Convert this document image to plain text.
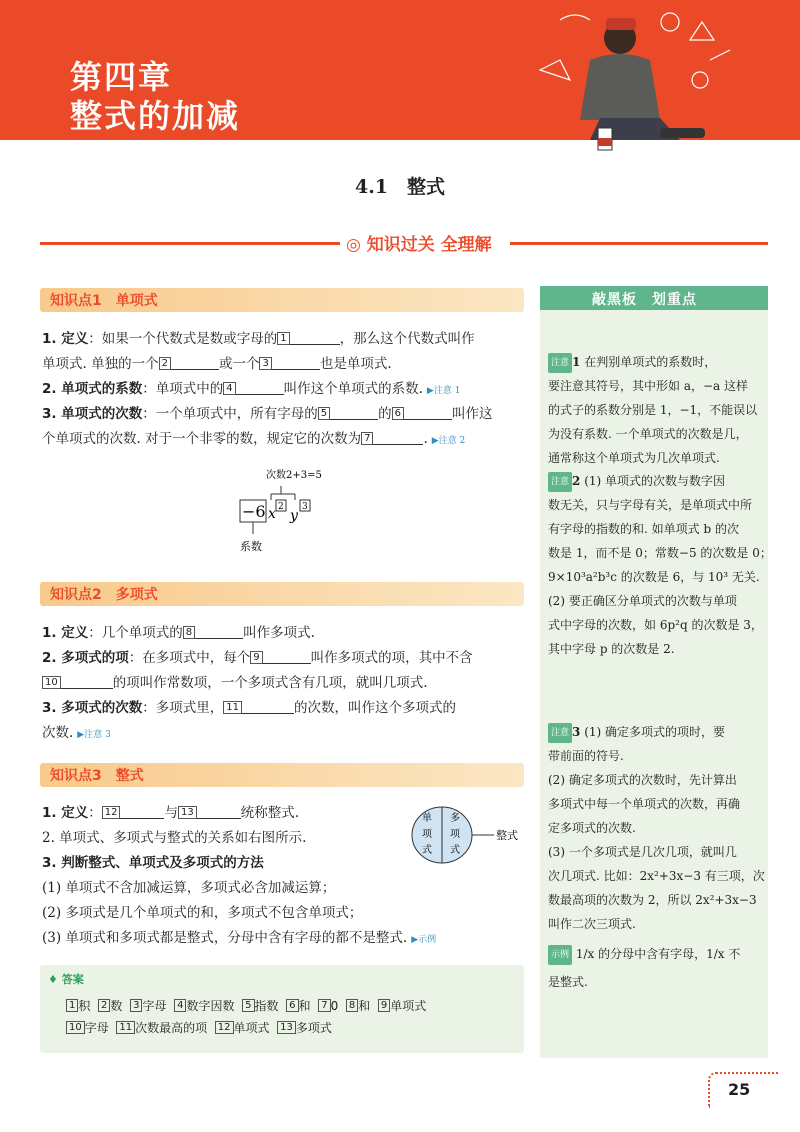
第四章
整式的加减
4.1　整式
◎ 知识过关 全理解
知识点1　单项式
1. 定义：如果一个代数式是数或字母的 1	，那么这个代数式叫作
单项式. 单独的一个 2	或一个 3	也是单项式.
2. 单项式的系数：单项式中的 4	叫作这个单项式的系数. ▶注意 1
3. 单项式的次数：一个单项式中，所有字母的 5	的 6	叫作这
个单项式的次数. 对于一个非零的数，规定它的次数为 7	. ▶注意 2
次数2+3=5
−6 x 2
y
3
系数
知识点2　多项式
1. 定义：几个单项式的 8	叫作多项式.
2. 多项式的项：在多项式中，每个 9	叫作多项式的项，其中不含
10	的项叫作常数项，一个多项式含有几项，就叫几项式.
3. 多项式的次数：多项式里， 11	的次数，叫作这个多项式的
次数. ▶注意 3
知识点3　整式
1. 定义： 12	与 13	统称整式.
2. 单项式、多项式与整式的关系如右图所示.
3. 判断整式、单项式及多项式的方法
(1) 单项式不含加减运算，多项式必含加减运算；
(2) 多项式是几个单项式的和，多项式不包含单项式；
(3) 单项式和多项式都是整式，分母中含有字母的都不是整式. ▶示例
单
项
式
多
项
式
整式
♦ 答案
1 积 2 数 3 字母 4 数字因数 5 指数 6 和 7 0 8 和 9 单项式
10 字母 11 次数最高的项 12 单项式 13 多项式
敲黑板　划重点
注意 1 在判别单项式的系数时，
要注意其符号，其中形如 a，−a 这样
的式子的系数分别是 1，−1，不能误以
为没有系数. 一个单项式的次数是几，
通常称这个单项式为几次单项式.
注意 2 (1) 单项式的次数与数字因
数无关，只与字母有关，是单项式中所
有字母的指数的和. 如单项式 b 的次
数是 1，而不是 0；常数−5 的次数是 0；
9×10³a²b³c 的次数是 6，与 10³ 无关.
(2) 要正确区分单项式的次数与单项
式中字母的次数，如 6p²q 的次数是 3，
其中字母 p 的次数是 2.
注意 3 (1) 确定多项式的项时，要
带前面的符号.
(2) 确定多项式的次数时，先计算出
多项式中每一个单项式的次数，再确
定多项式的次数.
(3) 一个多项式是几次几项，就叫几
次几项式. 比如：2x²+3x−3 有三项，次
数最高项的次数为 2，所以 2x²+3x−3
叫作二次三项式.
示例 1/x 的分母中含有字母，1/x 不
是整式.
25
